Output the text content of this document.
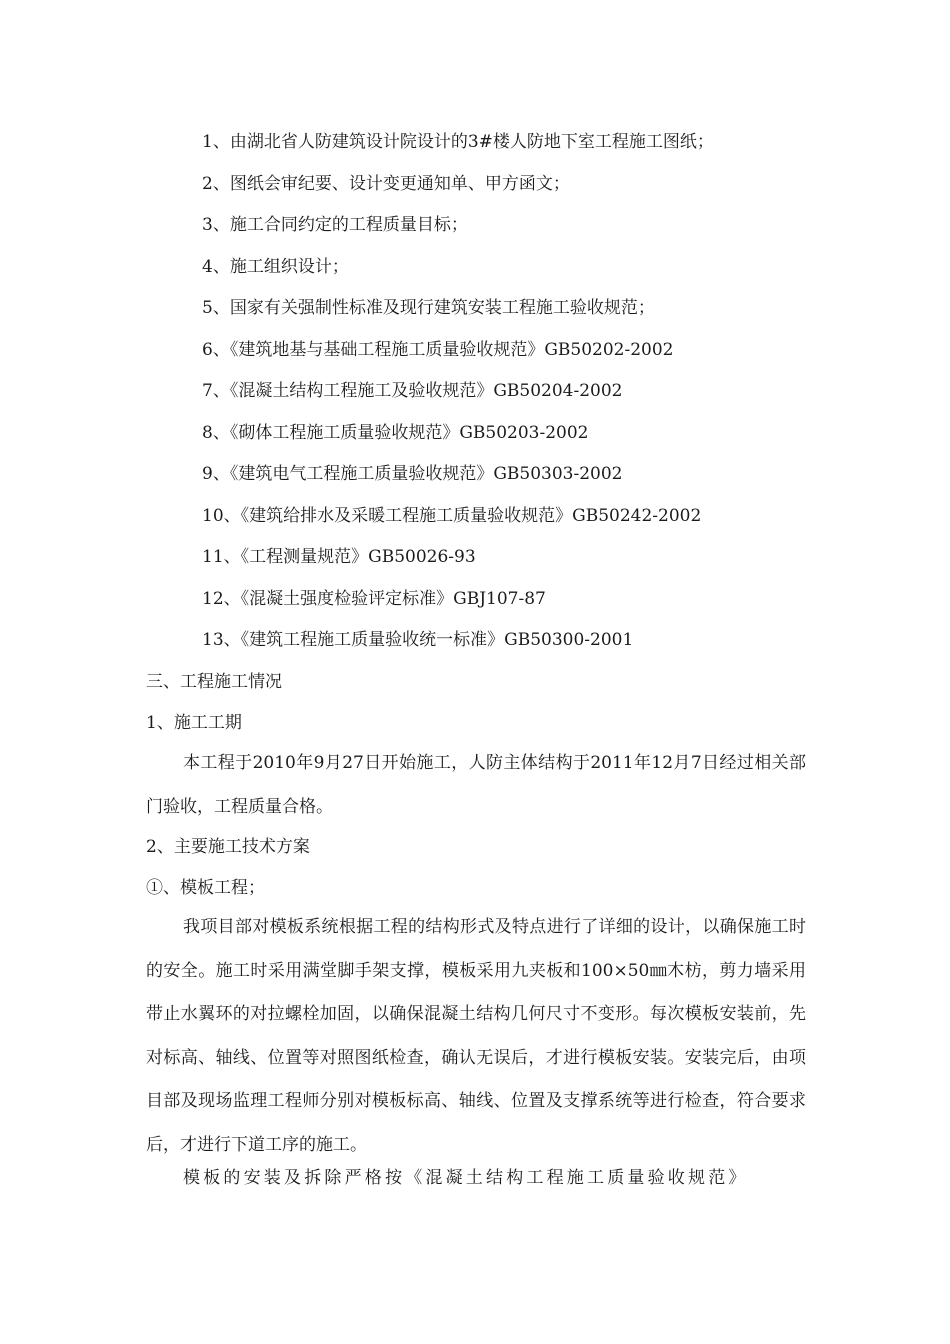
1、由湖北省人防建筑设计院设计的3#楼人防地下室工程施工图纸；
2、图纸会审纪要、设计变更通知单、甲方函文；
3、施工合同约定的工程质量目标；
4、施工组织设计；
5、国家有关强制性标准及现行建筑安装工程施工验收规范；
6、《建筑地基与基础工程施工质量验收规范》GB50202-2002
7、《混凝土结构工程施工及验收规范》GB50204-2002
8、《砌体工程施工质量验收规范》GB50203-2002
9、《建筑电气工程施工质量验收规范》GB50303-2002
10、《建筑给排水及采暖工程施工质量验收规范》GB50242-2002
11、《工程测量规范》GB50026-93
12、《混凝土强度检验评定标准》GBJ107-87
13、《建筑工程施工质量验收统一标准》GB50300-2001
三、工程施工情况
1、施工工期

本工程于2010年9月27日开始施工，人防主体结构于2011年12月7日经过相关部门验收，工程质量合格。

2、主要施工技术方案
①、模板工程；

我项目部对模板系统根据工程的结构形式及特点进行了详细的设计，以确保施工时的安全。施工时采用满堂脚手架支撑，模板采用九夹板和100×50㎜木枋，剪力墙采用带止水翼环的对拉螺栓加固，以确保混凝土结构几何尺寸不变形。每次模板安装前，先对标高、轴线、位置等对照图纸检查，确认无误后，才进行模板安装。安装完后，由项目部及现场监理工程师分别对模板标高、轴线、位置及支撑系统等进行检查，符合要求后，才进行下道工序的施工。

模板的安装及拆除严格按《混凝土结构工程施工质量验收规范》
